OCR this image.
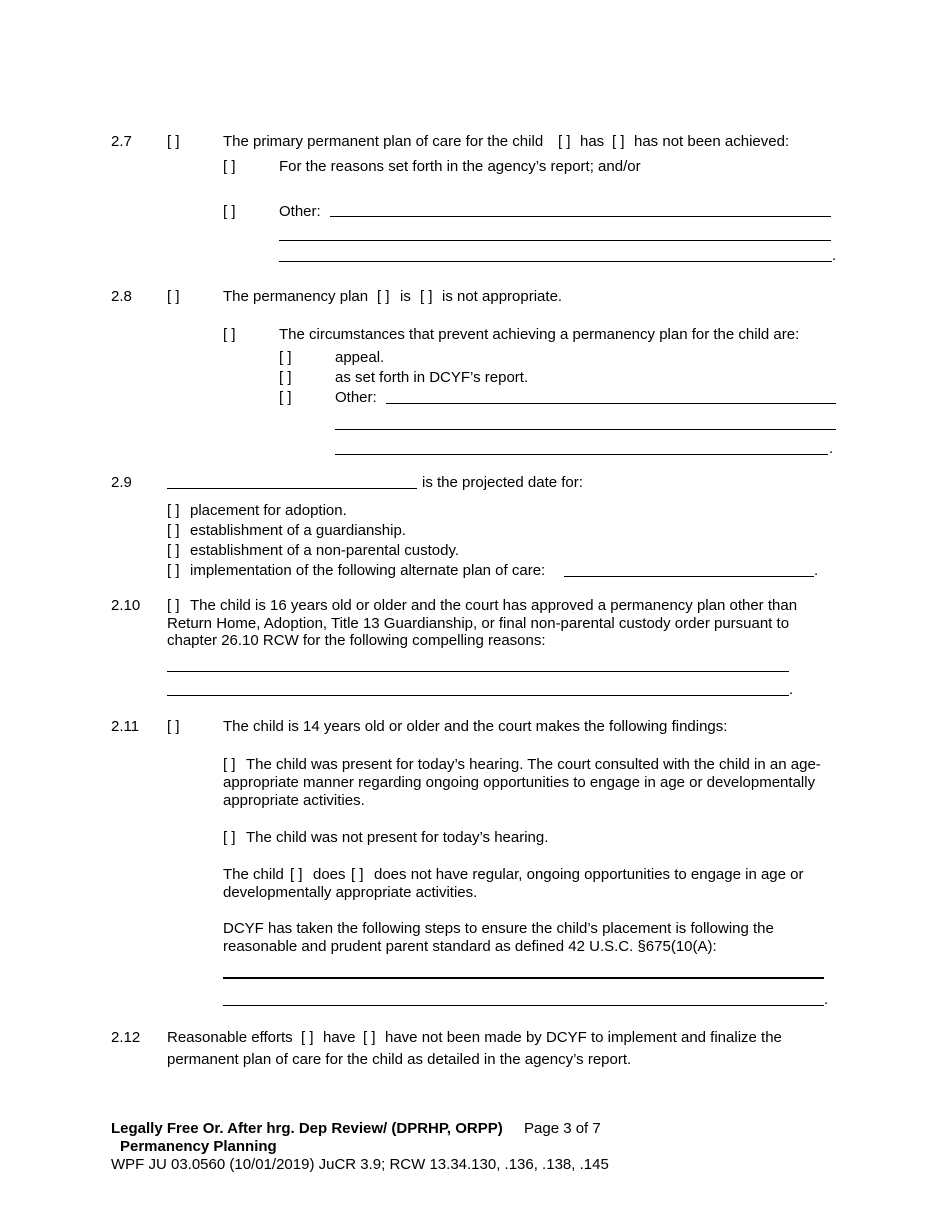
2.7 [ ]	The primary permanent plan of care for the child [ ] has [ ] has not been achieved:
[ ]	For the reasons set forth in the agency’s report; and/or
[ ]	Other:
.
2.8 [ ]	The permanency plan [ ] is [ ] is not appropriate.
[ ]	The circumstances that prevent achieving a permanency plan for the child are:
[ ]	appeal.
[ ]	as set forth in DCYF’s report.
[ ]	Other:
.
2.9	is the projected date for:
[ ] placement for adoption.
[ ] establishment of a guardianship.
[ ] establishment of a non-parental custody.
[ ] implementation of the following alternate plan of care:	.
2.10 [ ] The child is 16 years old or older and the court has approved a permanency plan other than
Return Home, Adoption, Title 13 Guardianship, or final non-parental custody order pursuant to
chapter 26.10 RCW for the following compelling reasons:
.
2.11 [ ]	The child is 14 years old or older and the court makes the following findings:
[ ] The child was present for today’s hearing. The court consulted with the child in an age-
appropriate manner regarding ongoing opportunities to engage in age or developmentally
appropriate activities.
[ ] The child was not present for today’s hearing.
The child [ ] does [ ] does not have regular, ongoing opportunities to engage in age or
developmentally appropriate activities.
DCYF has taken the following steps to ensure the child’s placement is following the
reasonable and prudent parent standard as defined 42 U.S.C. §675(10(A):
.
2.12 Reasonable efforts [ ] have [ ] have not been made by DCYF to implement and finalize the
permanent plan of care for the child as detailed in the agency’s report.
Legally Free Or. After hrg. Dep Review/ (DPRHP, ORPP) Page 3 of 7
Permanency Planning
WPF JU 03.0560 (10/01/2019) JuCR 3.9; RCW 13.34.130, .136, .138, .145
